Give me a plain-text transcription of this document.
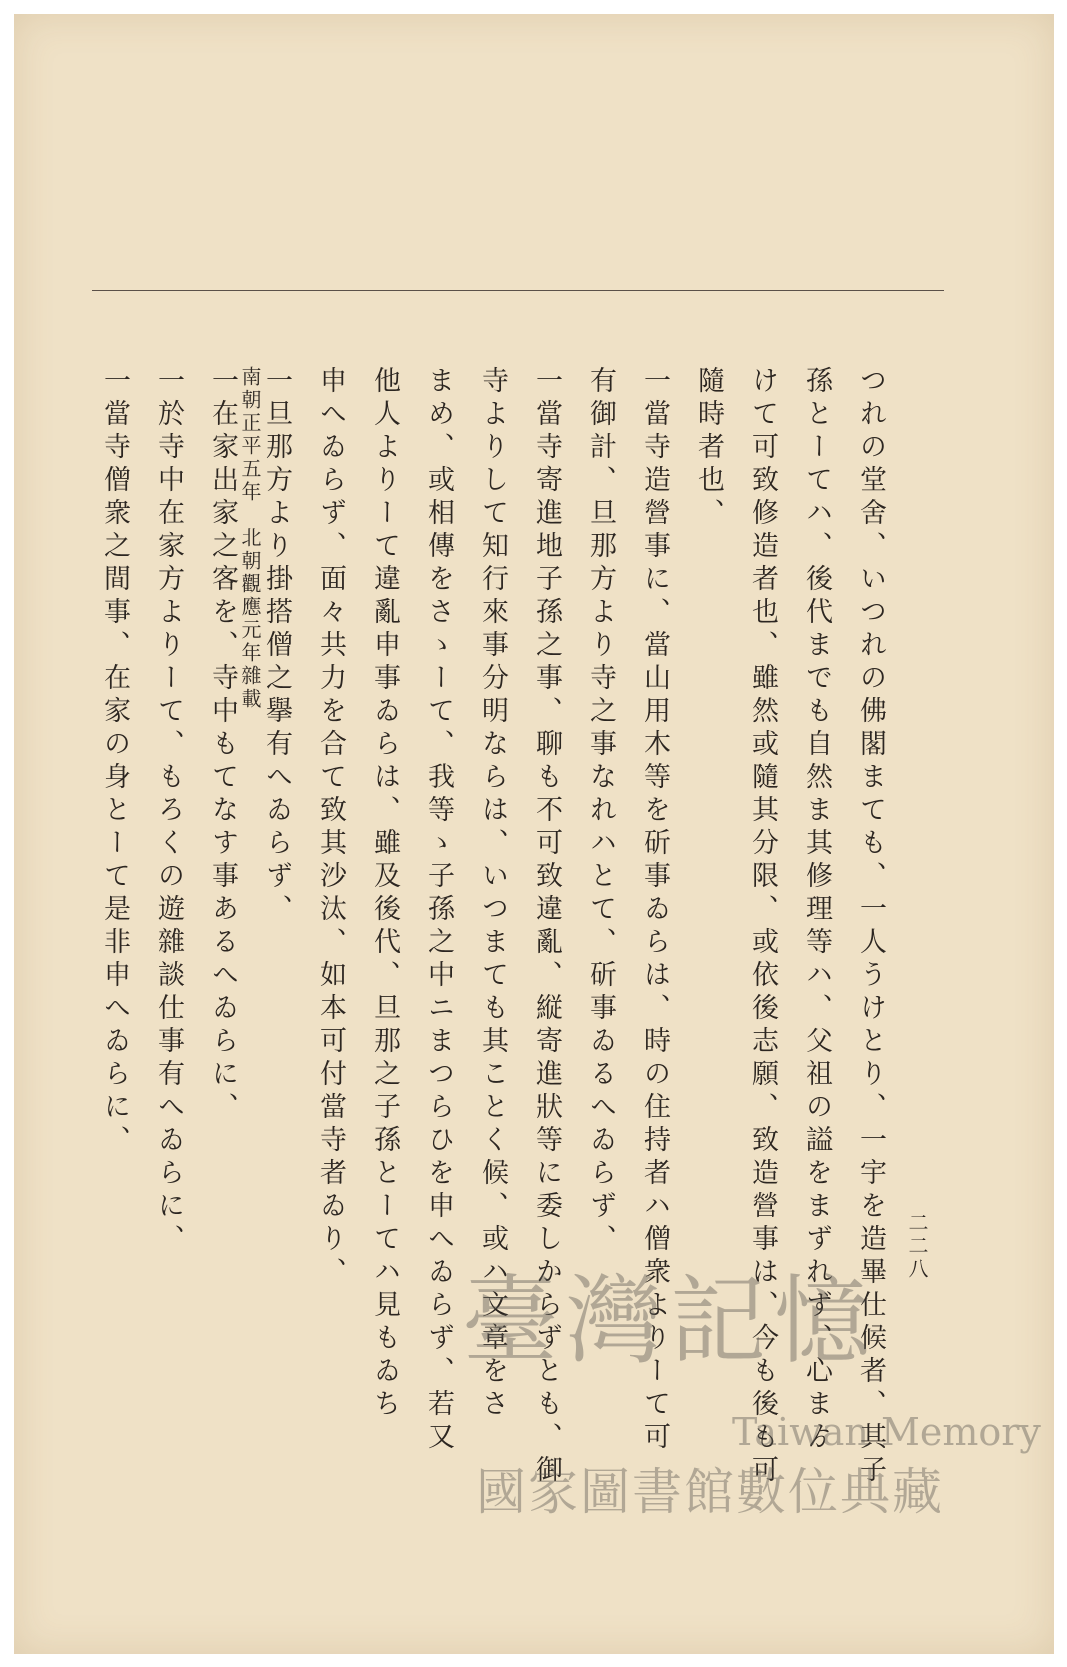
南朝正平五年　北朝觀應元年雜載
二二八
つれの堂舍、いつれの佛閣まても、一人うけとり、一宇を造畢仕候者、其子
孫とーてハ、後代までも自然ま其修理等ハ、父祖の謚をまずれず、心まゟ
けて可致修造者也、雖然或隨其分限、或依後志願、致造營事は、今も後も可
隨時者也、
一當寺造營事に、當山用木等を斫事ゐらは、時の住持者ハ僧衆よりーて可
有御計、旦那方より寺之事なれハとて、斫事ゐるへゐらず、
一當寺寄進地子孫之事、聊も不可致違亂、縦寄進狀等に委しからずとも、御
寺よりして知行來事分明ならは、いつまても其ことく候、或ハ文章をさ
まめ、或相傳をさゝーて、我等ゝ子孫之中ニまつらひを申へゐらず、若又
他人よりーて違亂申事ゐらは、雖及後代、旦那之子孫とーてハ見もゐち
申へゐらず、面々共力を合て致其沙汰、如本可付當寺者ゐり、
一旦那方より掛搭僧之擧有へゐらず、
一在家出家之客を、寺中もてなす事あるへゐらに、
一於寺中在家方よりーて、もろくの遊雜談仕事有へゐらに、
一當寺僧衆之間事、在家の身とーて是非申へゐらに、
臺灣記憶
Taiwan Memory
國家圖書館數位典藏
